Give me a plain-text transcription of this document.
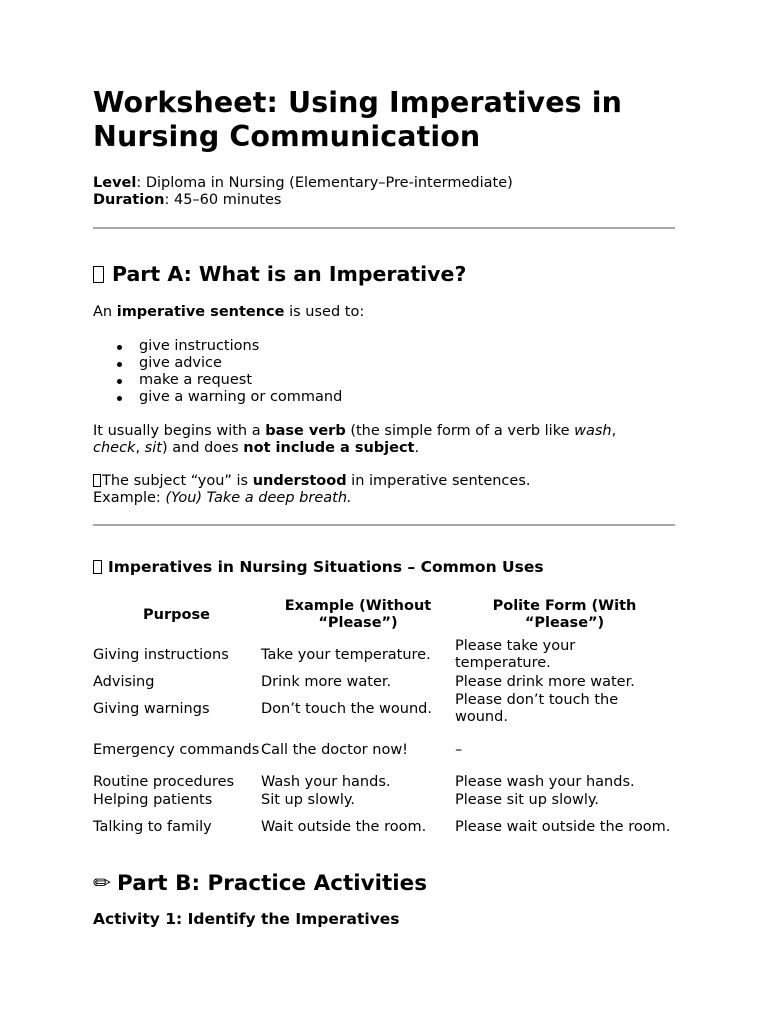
Worksheet: Using Imperatives in Nursing Communication
Level: Diploma in Nursing (Elementary–Pre-intermediate)
Duration: 45–60 minutes
Part A: What is an Imperative?

An imperative sentence is used to:

give instructions
give advice
make a request
give a warning or command

It usually begins with a base verb (the simple form of a verb like wash,
check, sit) and does not include a subject.

The subject “you” is understood in imperative sentences.
Example: (You) Take a deep breath.

Imperatives in Nursing Situations – Common Uses
Purpose	Example (Without “Please”)	Polite Form (With “Please”)
Giving instructions	Take your temperature.	Please take your temperature.
Advising	Drink more water.	Please drink more water.
Giving warnings	Don’t touch the wound.	Please don’t touch the wound.
Emergency commands	Call the doctor now!	–
Routine procedures	Wash your hands.	Please wash your hands.
Helping patients	Sit up slowly.	Please sit up slowly.
Talking to family	Wait outside the room.	Please wait outside the room.
✏ Part B: Practice Activities
Activity 1: Identify the Imperatives
